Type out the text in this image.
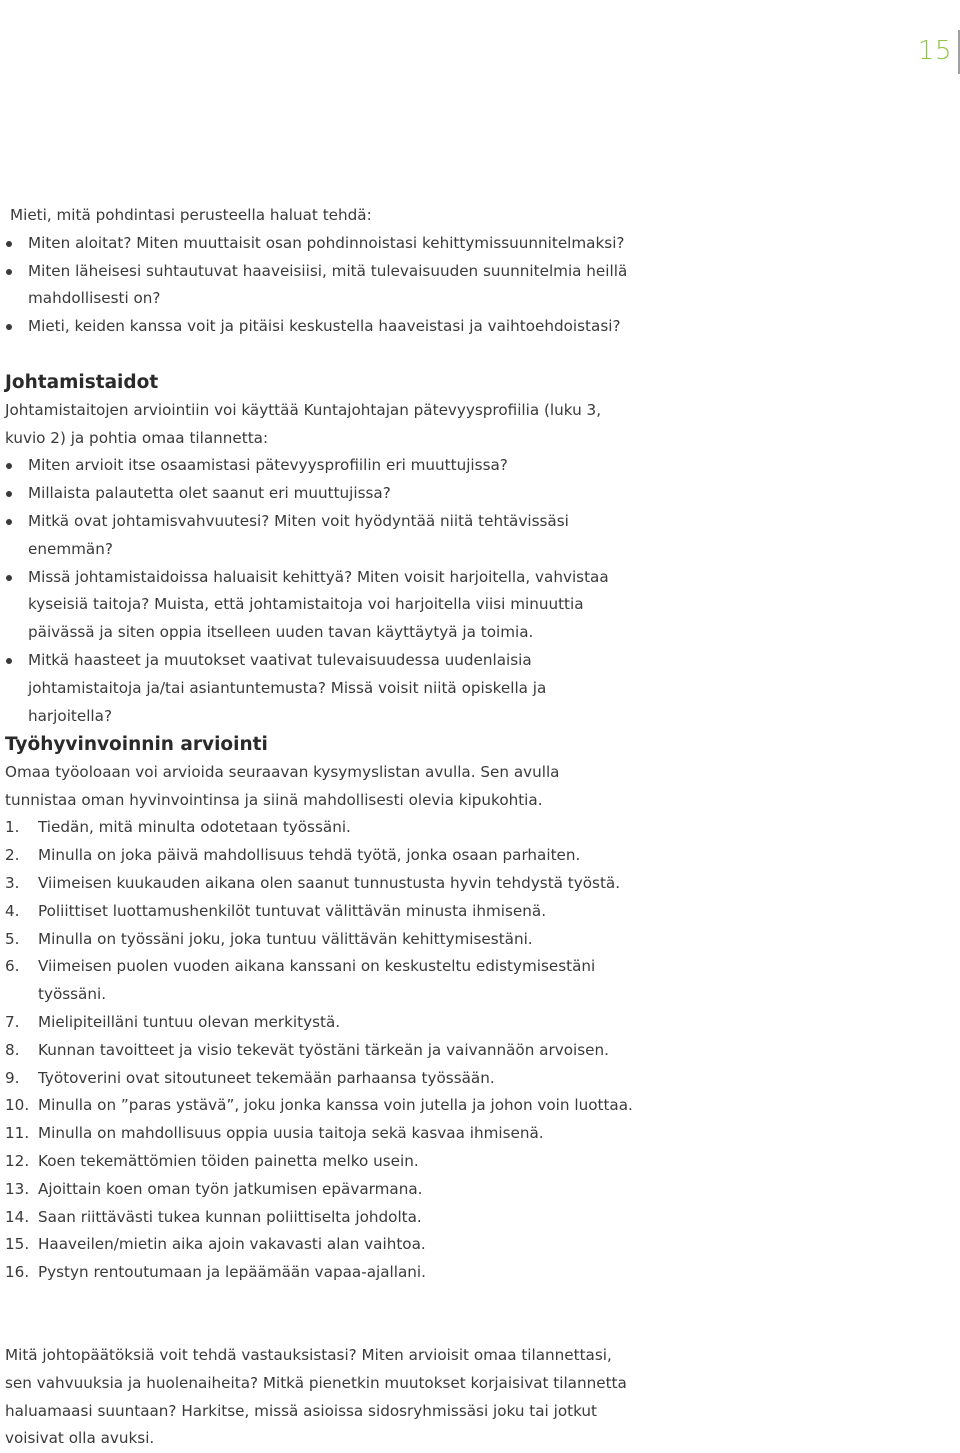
15

Mieti, mitä pohdintasi perusteella haluat tehdä:

Miten aloitat? Miten muuttaisit osan pohdinnoistasi kehittymissuunnitelmaksi?
Miten läheisesi suhtautuvat haaveisiisi, mitä tulevaisuuden suunnitelmia heillä mahdollisesti on?
Mieti, keiden kanssa voit ja pitäisi keskustella haaveistasi ja vaihtoehdoistasi?
Johtamistaidot

Johtamistaitojen arviointiin voi käyttää Kuntajohtajan pätevyysprofiilia (luku 3, kuvio 2) ja pohtia omaa tilannetta:

Miten arvioit itse osaamistasi pätevyysprofiilin eri muuttujissa?
Millaista palautetta olet saanut eri muuttujissa?
Mitkä ovat johtamisvahvuutesi? Miten voit hyödyntää niitä tehtävissäsi enemmän?
Missä johtamistaidoissa haluaisit kehittyä? Miten voisit harjoitella, vahvistaa kyseisiä taitoja? Muista, että johtamistaitoja voi harjoitella viisi minuuttia päivässä ja siten oppia itselleen uuden tavan käyttäytyä ja toimia.
Mitkä haasteet ja muutokset vaativat tulevaisuudessa uudenlaisia johtamistaitoja ja/tai asiantuntemusta? Missä voisit niitä opiskella ja harjoitella?
Työhyvinvoinnin arviointi

Omaa työoloaan voi arvioida seuraavan kysymyslistan avulla. Sen avulla tunnistaa oman hyvinvointinsa ja siinä mahdollisesti olevia kipukohtia.

1. Tiedän, mitä minulta odotetaan työssäni.
2. Minulla on joka päivä mahdollisuus tehdä työtä, jonka osaan parhaiten.
3. Viimeisen kuukauden aikana olen saanut tunnustusta hyvin tehdystä työstä.
4. Poliittiset luottamushenkilöt tuntuvat välittävän minusta ihmisenä.
5. Minulla on työssäni joku, joka tuntuu välittävän kehittymisestäni.
6. Viimeisen puolen vuoden aikana kanssani on keskusteltu edistymisestäni työssäni.
7. Mielipiteilläni tuntuu olevan merkitystä.
8. Kunnan tavoitteet ja visio tekevät työstäni tärkeän ja vaivannäön arvoisen.
9. Työtoverini ovat sitoutuneet tekemään parhaansa työssään.
10. Minulla on ”paras ystävä”, joku jonka kanssa voin jutella ja johon voin luottaa.
11. Minulla on mahdollisuus oppia uusia taitoja sekä kasvaa ihmisenä.
12. Koen tekemättömien töiden painetta melko usein.
13. Ajoittain koen oman työn jatkumisen epävarmana.
14. Saan riittävästi tukea kunnan poliittiselta johdolta.
15. Haaveilen/mietin aika ajoin vakavasti alan vaihtoa.
16. Pystyn rentoutumaan ja lepäämään vapaa-ajallani.

Mitä johtopäätöksiä voit tehdä vastauksistasi? Miten arvioisit omaa tilannettasi, sen vahvuuksia ja huolenaiheita? Mitkä pienetkin muutokset korjaisivat tilannetta haluamaasi suuntaan? Harkitse, missä asioissa sidosryhmissäsi joku tai jotkut voisivat olla avuksi.
